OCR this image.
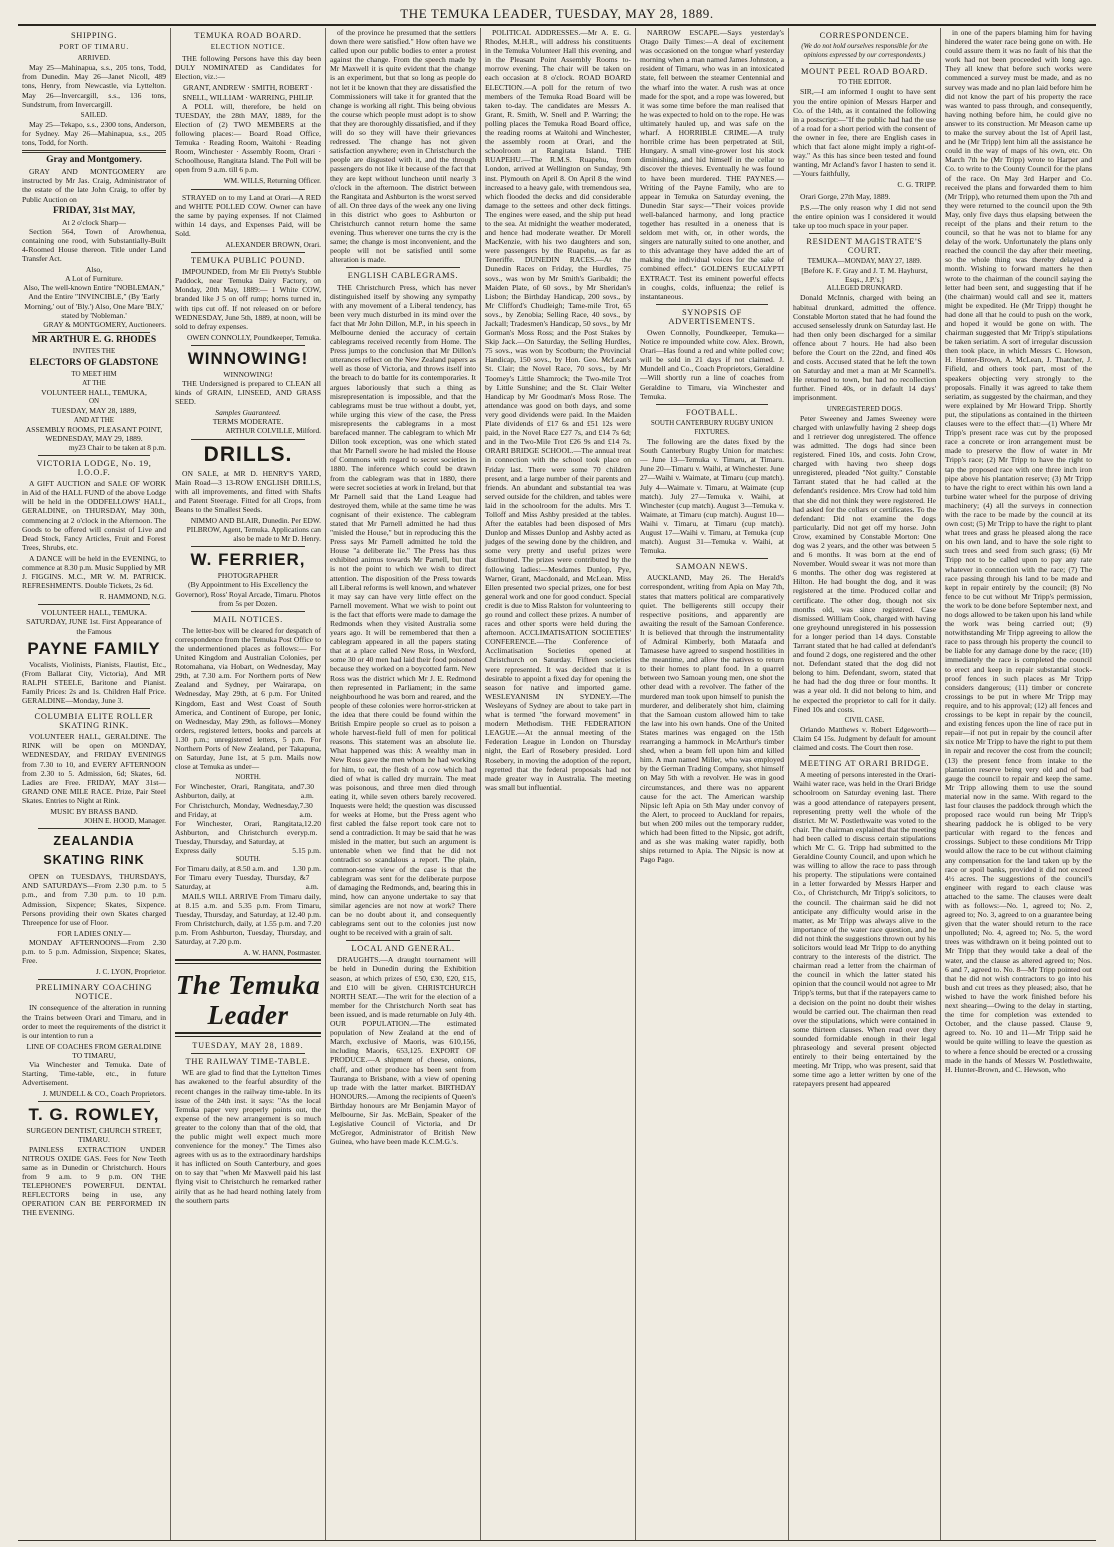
THE TEMUKA LEADER, TUESDAY, MAY 28, 1889.
SHIPPING.
PORT OF TIMARU.
ARRIVED.

May 25—Mahinapua, s.s., 205 tons, Todd, from Dunedin. May 26—Janet Nicoll, 489 tons, Henry, from Newcastle, via Lyttelton. May 26—Invercargill, s.s., 136 tons, Sundstrum, from Invercargill.

SAILED.

May 25—Tekapo, s.s., 2300 tons, Anderson, for Sydney. May 26—Mahinapua, s.s., 205 tons, Todd, for North.

Gray and Montgomery.

GRAY AND MONTGOMERY are instructed by Mr Jas. Craig, Administrator of the estate of the late John Craig, to offer by Public Auction on

FRIDAY, 31st MAY,
At 2 o'clock Sharp—

Section 564, Town of Arowhenua, containing one rood, with Substantially-Built 4-Roomed House thereon. Title under Land Transfer Act.

Also,
A Lot of Furniture.
Also, The well-known Entire "NOBLEMAN," And the Entire "INVINCIBLE," (By 'Early Morning,' out of 'Bly.') Also, One Mare 'BLY,' stated by 'Nobleman.'
GRAY & MONTGOMERY, Auctioneers.
MR ARTHUR E. G. RHODES
INVITES THE
ELECTORS OF GLADSTONE
TO MEET HIM
AT THE
VOLUNTEER HALL, TEMUKA,
ON
TUESDAY, MAY 28, 1889,
AND AT THE
ASSEMBLY ROOMS, PLEASANT POINT,
WEDNESDAY, MAY 29, 1889.
my23 Chair to be taken at 8 p.m.
VICTORIA LODGE, No. 19, I.O.O.F.

A GIFT AUCTION and SALE OF WORK in Aid of the HALL FUND of the above Lodge will be held in the ODDFELLOWS' HALL, GERALDINE, on THURSDAY, May 30th, commencing at 2 o'clock in the Afternoon. The Goods to be offered will consist of Live and Dead Stock, Fancy Articles, Fruit and Forest Trees, Shrubs, etc.

A DANCE will be held in the EVENING, to commence at 8.30 p.m. Music Supplied by MR J. FIGGINS. M.C., MR W. M. PATRICK. REFRESHMENTS. Double Tickets, 2s 6d.

R. HAMMOND, N.G.
VOLUNTEER HALL, TEMUKA. SATURDAY, JUNE 1st. First Appearance of the Famous
PAYNE FAMILY

Vocalists, Violinists, Pianists, Flautist, Etc., (From Ballarat City, Victoria), And MR RALPH STEELE, Baritone and Pianist. Family Prices: 2s and 1s. Children Half Price. GERALDINE—Monday, June 3.

COLUMBIA ELITE ROLLER SKATING RINK.

VOLUNTEER HALL, GERALDINE. The RINK will be open on MONDAY, WEDNESDAY, and FRIDAY EVENINGS from 7.30 to 10, and EVERY AFTERNOON from 2.30 to 5. Admission, 6d; Skates, 6d. Ladies are Free. FRIDAY, MAY 31st—GRAND ONE MILE RACE. Prize, Pair Steel Skates. Entries to Night at Rink.

MUSIC BY BRASS BAND.
JOHN E. HOOD, Manager.
ZEALANDIA SKATING RINK

OPEN on TUESDAYS, THURSDAYS, AND SATURDAYS—From 2.30 p.m. to 5 p.m., and from 7.30 p.m. to 10 p.m. Admission, Sixpence; Skates, Sixpence. Persons providing their own Skates charged Threepence for use of Floor.

FOR LADIES ONLY—

MONDAY AFTERNOONS—From 2.30 p.m. to 5 p.m. Admission, Sixpence; Skates, Free.

J. C. LYON, Proprietor.
PRELIMINARY COACHING NOTICE.

IN consequence of the alteration in running the Trains between Orari and Timaru, and in order to meet the requirements of the district it is our intention to run a

LINE OF COACHES FROM GERALDINE TO TIMARU,

Via Winchester and Temuka. Date of Starting, Time-table, etc., in future Advertisement.

J. MUNDELL & CO., Coach Proprietors.
T. G. ROWLEY,
SURGEON DENTIST, CHURCH STREET, TIMARU.

PAINLESS EXTRACTION UNDER NITROUS OXIDE GAS. Fees for New Teeth same as in Dunedin or Christchurch. Hours from 9 a.m. to 9 p.m. ON THE TELEPHONE'S POWERFUL DENTAL REFLECTORS being in use, any OPERATION CAN BE PERFORMED IN THE EVENING.

TEMUKA ROAD BOARD.
ELECTION NOTICE.

THE following Persons have this day been DULY NOMINATED as Candidates for Election, viz.:—

GRANT, ANDREW · SMITH, ROBERT · SNELL, WILLIAM · WARRING, PHILIP.

A POLL will, therefore, be held on TUESDAY, the 28th MAY, 1889, for the Election of (2) TWO MEMBERS at the following places:— Board Road Office, Temuka · Reading Room, Waitohi · Reading Room, Winchester · Assembly Room, Orari · Schoolhouse, Rangitata Island. The Poll will be open from 9 a.m. till 6 p.m.

WM. WILLS, Returning Officer.

STRAYED on to my Land at Orari—A RED and WHITE POLLED COW. Owner can have the same by paying expenses. If not Claimed within 14 days, and Expenses Paid, will be Sold.

ALEXANDER BROWN, Orari.
TEMUKA PUBLIC POUND.

IMPOUNDED, from Mr Eli Pretty's Stubble Paddock, near Temuka Dairy Factory, on Monday, 20th May, 1889:— 1 White COW, branded like J 5 on off rump; horns turned in, with tips cut off. If not released on or before WEDNESDAY, June 5th, 1889, at noon, will be sold to defray expenses.

OWEN CONNOLLY, Poundkeeper, Temuka.
WINNOWING!
WINNOWING!

THE Undersigned is prepared to CLEAN all kinds of GRAIN, LINSEED, AND GRASS SEED.

Samples Guaranteed.
TERMS MODERATE.
ARTHUR COLVILLE, Milford.
DRILLS.

ON SALE, at MR D. HENRY'S YARD, Main Road—3 13-ROW ENGLISH DRILLS, with all improvements, and fitted with Shafts and Patent Steerage. Fitted for all Crops, from Beans to the Smallest Seeds.

NIMMO AND BLAIR, Dunedin. Per EDW. PILBROW, Agent, Temuka. Applications can also be made to Mr D. Henry.
W. FERRIER,
PHOTOGRAPHER
(By Appointment to His Excellency the Governor), Ross' Royal Arcade, Timaru. Photos from 5s per Dozen.
MAIL NOTICES.

The letter-box will be cleared for despatch of correspondence from the Temuka Post Office to the undermentioned places as follows:— For United Kingdom and Australian Colonies, per Rotomahana, via Hobart, on Wednesday, May 29th, at 7.30 a.m. For Northern ports of New Zealand and Sydney, per Wairarapa, on Wednesday, May 29th, at 6 p.m. For United Kingdom, East and West Coast of South America, and Continent of Europe, per Ionic, on Wednesday, May 29th, as follows—Money orders, registered letters, books and parcels at 1.30 p.m.; unregistered letters, 5 p.m. For Northern Ports of New Zealand, per Takapuna, on Saturday, June 1st, at 5 p.m. Mails now close at Temuka as under—

NORTH.
For Winchester, Orari, Rangitata, and Ashburton, daily, at
7.30 a.m.
For Christchurch, Monday, Wednesday, and Friday, at
7.30 a.m.
For Winchester, Orari, Rangitata, Ashburton, and Christchurch every Tuesday, Thursday, and Saturday, at
12.20 p.m.
Express daily	5.15 p.m.
SOUTH.
For Timaru daily, at 8.50 a.m. and 1.30 p.m.
For Timaru every Tuesday, Thursday, & Saturday, at
7 a.m.

MAILS WILL ARRIVE From Timaru daily, at 8.15 a.m. and 5.35 p.m. From Timaru, Tuesday, Thursday, and Saturday, at 12.40 p.m. From Christchurch, daily, at 1.55 p.m. and 7.20 p.m. From Ashburton, Tuesday, Thursday, and Saturday, at 7.20 p.m.

A. W. HANN, Postmaster.
The Temuka Leader
TUESDAY, MAY 28, 1889.
THE RAILWAY TIME-TABLE.

WE are glad to find that the Lyttelton Times has awakened to the fearful absurdity of the recent changes in the railway time-table. In its issue of the 24th inst. it says: "As the local Temuka paper very properly points out, the expense of the new arrangement is so much greater to the colony than that of the old, that the public might well expect much more convenience for the money." The Times also agrees with us as to the extraordinary hardships it has inflicted on South Canterbury, and goes on to say that "when Mr Maxwell paid his last flying visit to Christchurch he remarked rather airily that as he had heard nothing lately from the southern parts

of the province he presumed that the settlers down there were satisfied." How often have we called upon our public bodies to enter a protest against the change. From the speech made by Mr Maxwell it is quite evident that the change is an experiment, but that so long as people do not let it be known that they are dissatisfied the Commissioners will take it for granted that the change is working all right. This being obvious the course which people must adopt is to show that they are thoroughly dissatisfied, and if they will do so they will have their grievances redressed. The change has not given satisfaction anywhere; even in Christchurch the people are disgusted with it, and the through passengers do not like it because of the fact that they are kept without luncheon until nearly 3 o'clock in the afternoon. The district between the Rangitata and Ashburton is the worst served of all. On three days of the week any one living in this district who goes to Ashburton or Christchurch cannot return home the same evening. Thus wherever one turns the cry is the same; the change is most inconvenient, and the people will not be satisfied until some alteration is made.

ENGLISH CABLEGRAMS.

THE Christchurch Press, which has never distinguished itself by showing any sympathy with any movement of a Liberal tendency, has been very much disturbed in its mind over the fact that Mr John Dillon, M.P., in his speech in Melbourne denied the accuracy of certain cablegrams received recently from Home. The Press jumps to the conclusion that Mr Dillon's utterances reflect on the New Zealand papers as well as those of Victoria, and throws itself into the breach to do battle for its contemporaries. It argues laboriously that such a thing as misrepresentation is impossible, and that the cablegrams must be true without a doubt, yet, while urging this view of the case, the Press misrepresents the cablegrams in a most barefaced manner. The cablegram to which Mr Dillon took exception, was one which stated that Mr Parnell swore he had misled the House of Commons with regard to secret societies in 1880. The inference which could be drawn from the cablegram was that in 1880, there were secret societies at work in Ireland, but that Mr Parnell said that the Land League had destroyed them, while at the same time he was cognisant of their existence. The cablegram stated that Mr Parnell admitted he had thus "misled the House," but in reproducing this the Press says Mr Parnell admitted he told the House "a deliberate lie." The Press has thus exhibited animus towards Mr Parnell, but that is not the point to which we wish to direct attention. The disposition of the Press towards all Liberal reforms is well known, and whatever it may say can have very little effect on the Parnell movement. What we wish to point out is the fact that efforts were made to damage the Redmonds when they visited Australia some years ago. It will be remembered that then a cablegram appeared in all the papers stating that at a place called New Ross, in Wexford, some 30 or 40 men had laid their food poisoned because they worked on a boycotted farm. New Ross was the district which Mr J. E. Redmond then represented in Parliament; in the same neighbourhood he was born and reared, and the people of these colonies were horror-stricken at the idea that there could be found within the British Empire people so cruel as to poison a whole harvest-field full of men for political reasons. This statement was an absolute lie. What happened was this: A wealthy man in New Ross gave the men whom he had working for him, to eat, the flesh of a cow which had died of what is called dry murrain. The meat was poisonous, and three men died through eating it, while seven others barely recovered. Inquests were held; the question was discussed for weeks at Home, but the Press agent who first cabled the false report took care not to send a contradiction. It may be said that he was misled in the matter, but such an argument is untenable when we find that he did not contradict so scandalous a report. The plain, common-sense view of the case is that the cablegram was sent for the deliberate purpose of damaging the Redmonds, and, bearing this in mind, how can anyone undertake to say that similar agencies are not now at work? There can be no doubt about it, and consequently cablegrams sent out to the colonies just now ought to be received with a grain of salt.

LOCAL AND GENERAL.

DRAUGHTS.—A draught tournament will be held in Dunedin during the Exhibition season, at which prizes of £50, £30, £20, £15, and £10 will be given. CHRISTCHURCH NORTH SEAT.—The writ for the election of a member for the Christchurch North seat has been issued, and is made returnable on July 4th. OUR POPULATION.—The estimated population of New Zealand at the end of March, exclusive of Maoris, was 610,156, including Maoris, 653,125. EXPORT OF PRODUCE.—A shipment of cheese, onions, chaff, and other produce has been sent from Tauranga to Brisbane, with a view of opening up trade with the latter market. BIRTHDAY HONOURS.—Among the recipients of Queen's Birthday honours are Mr Benjamin Mayor of Melbourne, Sir Jas. McBain, Speaker of the Legislative Council of Victoria, and Dr McGregor, Administrator of British New Guinea, who have been made K.C.M.G.'s.

POLITICAL ADDRESSES.—Mr A. E. G. Rhodes, M.H.R., will address his constituents in the Temuka Volunteer Hall this evening, and in the Pleasant Point Assembly Rooms to-morrow evening. The chair will be taken on each occasion at 8 o'clock. ROAD BOARD ELECTION.—A poll for the return of two members of the Temuka Road Board will be taken to-day. The candidates are Messrs A. Grant, R. Smith, W. Snell and P. Warring; the polling places the Temuka Road Board office, the reading rooms at Waitohi and Winchester, the assembly room at Orari, and the schoolroom at Rangitata Island. THE RUAPEHU.—The R.M.S. Ruapehu, from London, arrived at Wellington on Sunday, 9th inst. Plymouth on April 8. On April 8 the wind increased to a heavy gale, with tremendous sea, which flooded the decks and did considerable damage to the settees and other deck fittings. The engines were eased, and the ship put head to the sea. At midnight the weather moderated, and hence had moderate weather. Dr Morell MacKenzie, with his two daughters and son, were passengers by the Ruapehu, as far as Teneriffe. DUNEDIN RACES.—At the Dunedin Races on Friday, the Hurdles, 75 sovs., was won by Mr Smith's Garibaldi; the Maiden Plate, of 60 sovs., by Mr Sheridan's Lisbon; the Birthday Handicap, 200 sovs., by Mr Clifford's Chudleigh; Tame-mile Trot, 65 sovs., by Zenobia; Selling Race, 40 sovs., by Jackall; Tradesmen's Handicap, 50 sovs., by Mr Gorman's Moss Ross; and the Post Stakes by Skip Jack.—On Saturday, the Selling Hurdles, 75 sovs., was won by Scotburn; the Provincial Handicap, 150 sovs., by Hon. Geo. McLean's St. Clair; the Novel Race, 70 sovs., by Mr Toomey's Little Shamrock; the Two-mile Trot by Little Sunshine; and the St. Clair Welter Handicap by Mr Goodman's Moss Rose. The attendance was good on both days, and some very good dividends were paid. In the Maiden Plate dividends of £17 6s and £51 12s were paid, in the Novel Race £27 7s, and £14 7s 6d; and in the Two-Mile Trot £26 9s and £14 7s. ORARI BRIDGE SCHOOL.—The annual treat in connection with the school took place on Friday last. There were some 70 children present, and a large number of their parents and friends. An abundant and substantial tea was served outside for the children, and tables were laid in the schoolroom for the adults. Mrs T. Tolloff and Miss Ashby presided at the tables. After the eatables had been disposed of Mrs Dunlop and Misses Dunlop and Ashby acted as judges of the sewing done by the children, and some very pretty and useful prizes were distributed. The prizes were contributed by the following ladies:—Mesdames Dunlop, Pye, Warner, Grant, Macdonald, and McLean. Miss Ellen presented two special prizes, one for best general work and one for good conduct. Special credit is due to Miss Ralston for volunteering to go round and collect these prizes. A number of races and other sports were held during the afternoon. ACCLIMATISATION SOCIETIES' CONFERENCE.—The Conference of Acclimatisation Societies opened at Christchurch on Saturday. Fifteen societies were represented. It was decided that it is desirable to appoint a fixed day for opening the season for native and imported game. WESLEYANISM IN SYDNEY.—The Wesleyans of Sydney are about to take part in what is termed "the forward movement" in modern Methodism. THE FEDERATION LEAGUE.—At the annual meeting of the Federation League in London on Thursday night, the Earl of Rosebery presided. Lord Rosebery, in moving the adoption of the report, regretted that the federal proposals had not made greater way in Australia. The meeting was small but influential.

NARROW ESCAPE.—Says yesterday's Otago Daily Times:—A deal of excitement was occasioned on the tongue wharf yesterday morning when a man named James Johnston, a resident of Timaru, who was in an intoxicated state, fell between the steamer Centennial and the wharf into the water. A rush was at once made for the spot, and a rope was lowered, but it was some time before the man realised that he was expected to hold on to the rope. He was ultimately hauled up, and was safe on the wharf. A HORRIBLE CRIME.—A truly horrible crime has been perpetrated at Stil, Hungary. A small vine-grower lost his stock diminishing, and hid himself in the cellar to discover the thieves. Eventually he was found to have been murdered. THE PAYNES.—Writing of the Payne Family, who are to appear in Temuka on Saturday evening, the Dunedin Star says:—"Their voices provide well-balanced harmony, and long practice together has resulted in a oneness that is seldom met with, or, in other words, the singers are naturally suited to one another, and to this advantage they have added the art of making the individual voices for the sake of combined effect." GOLDEN'S EUCALYPTI EXTRACT. Test its eminent powerful effects in coughs, colds, influenza; the relief is instantaneous.

SYNOPSIS OF ADVERTISEMENTS.

Owen Connolly, Poundkeeper, Temuka—Notice re impounded white cow. Alex. Brown, Orari—Has found a red and white polled cow; will be sold in 21 days if not claimed. J. Mundell and Co., Coach Proprietors, Geraldine—Will shortly run a line of coaches from Geraldine to Timaru, via Winchester and Temuka.

FOOTBALL.
SOUTH CANTERBURY RUGBY UNION FIXTURES.

The following are the dates fixed by the South Canterbury Rugby Union for matches:— June 13—Temuka v. Timaru, at Timaru. June 20—Timaru v. Waihi, at Winchester. June 27—Waihi v. Waimate, at Timaru (cup match). July 4—Waimate v. Timaru, at Waimate (cup match). July 27—Temuka v. Waihi, at Winchester (cup match). August 3—Temuka v. Waimate, at Timaru (cup match). August 10—Waihi v. Timaru, at Timaru (cup match). August 17—Waihi v. Timaru, at Temuka (cup match). August 31—Temuka v. Waihi, at Temuka.

SAMOAN NEWS.

AUCKLAND, May 26. The Herald's correspondent, writing from Apia on May 7th, states that matters political are comparatively quiet. The belligerents still occupy their respective positions, and apparently are awaiting the result of the Samoan Conference. It is believed that through the instrumentality of Admiral Kimberly, both Mataafa and Tamasese have agreed to suspend hostilities in the meantime, and allow the natives to return to their homes to plant food. In a quarrel between two Samoan young men, one shot the other dead with a revolver. The father of the murdered man took upon himself to punish the murderer, and deliberately shot him, claiming that the Samoan custom allowed him to take the law into his own hands. One of the United States marines was engaged on the 15th rearranging a hammock in McArthur's timber shed, when a beam fell upon him and killed him. A man named Miller, who was employed by the German Trading Company, shot himself on May 5th with a revolver. He was in good circumstances, and there was no apparent cause for the act. The American warship Nipsic left Apia on 5th May under convoy of the Alert, to proceed to Auckland for repairs, but when 200 miles out the temporary rudder, which had been fitted to the Nipsic, got adrift, and as she was making water rapidly, both ships returned to Apia. The Nipsic is now at Pago Pago.

CORRESPONDENCE.
(We do not hold ourselves responsible for the opinions expressed by our correspondents.)
MOUNT PEEL ROAD BOARD.
TO THE EDITOR.

SIR,—I am informed I ought to have sent you the entire opinion of Messrs Harper and Co. of the 14th, as it contained the following in a postscript:—"If the public had had the use of a road for a short period with the consent of the owner in fee, there are English cases in which that fact alone might imply a right-of-way." As this has since been tested and found wanting, Mr Acland's favor I hasten to send it.—Yours faithfully,

C. G. TRIPP.

Orari Gorge, 27th May, 1889.

P.S.—The only reason why I did not send the entire opinion was I considered it would take up too much space in your paper.

RESIDENT MAGISTRATE'S COURT.
TEMUKA—MONDAY, MAY 27, 1889.
[Before K. F. Gray and J. T. M. Hayhurst, Esqs., J.P.'s.]
ALLEGED DRUNKARD.

Donald McInnis, charged with being an habitual drunkard, admitted the offence. Constable Morton stated that he had found the accused senselessly drunk on Saturday last. He had then only been discharged for a similar offence about 7 hours. He had also been before the Court on the 22nd, and fined 40s and costs. Accused stated that he left the town on Saturday and met a man at Mr Scannell's. He returned to town, but had no recollection further. Fined 40s, or in default 14 days' imprisonment.

UNREGISTERED DOGS.

Peter Sweeney and James Sweeney were charged with unlawfully having 2 sheep dogs and 1 retriever dog unregistered. The offence was admitted. The dogs had since been registered. Fined 10s, and costs. John Crow, charged with having two sheep dogs unregistered, pleaded "Not guilty." Constable Tarrant stated that he had called at the defendant's residence. Mrs Crow had told him that she did not think they were registered. He had asked for the collars or certificates. To the defendant: Did not examine the dogs particularly. Did not get off my horse. John Crow, examined by Constable Morton: One dog was 2 years, and the other was between 5 and 6 months. It was born at the end of November. Would swear it was not more than 6 months. The other dog was registered at Hilton. He had bought the dog, and it was registered at the time. Produced collar and certificate. The other dog, though not six months old, was since registered. Case dismissed. William Cook, charged with having one greyhound unregistered in his possession for a longer period than 14 days. Constable Tarrant stated that he had called at defendant's and found 2 dogs, one registered and the other not. Defendant stated that the dog did not belong to him. Defendant, sworn, stated that he had had the dog three or four months. It was a year old. It did not belong to him, and he expected the proprietor to call for it daily. Fined 10s and costs.

CIVIL CASE.

Orlando Matthews v. Robert Edgeworth—Claim £4 15s. Judgment by default for amount claimed and costs. The Court then rose.

MEETING AT ORARI BRIDGE.

A meeting of persons interested in the Orari-Waihi water race, was held in the Orari Bridge schoolroom on Saturday evening last. There was a good attendance of ratepayers present, representing pretty well the whole of the district. Mr W. Postlethwaite was voted to the chair. The chairman explained that the meeting had been called to discuss certain stipulations which Mr C. G. Tripp had submitted to the Geraldine County Council, and upon which he was willing to allow the race to pass through his property. The stipulations were contained in a letter forwarded by Messrs Harper and Co., of Christchurch, Mr Tripp's solicitors, to the council. The chairman said he did not anticipate any difficulty would arise in the matter, as Mr Tripp was always alive to the importance of the water race question, and he did not think the suggestions thrown out by his solicitors would lead Mr Tripp to do anything contrary to the interests of the district. The chairman read a letter from the chairman of the council in which the latter stated his opinion that the council would not agree to Mr Tripp's terms, but that if the ratepayers came to a decision on the point no doubt their wishes would be carried out. The chairman then read over the stipulations, which were contained in some thirteen clauses. When read over they sounded formidable enough in their legal phraseology and several present objected entirely to their being entertained by the meeting. Mr Tripp, who was present, said that some time ago a letter written by one of the ratepayers present had appeared

in one of the papers blaming him for having hindered the water race being gone on with. He could assure them it was no fault of his that the work had not been proceeded with long ago. They all knew that before such works were commenced a survey must be made, and as no survey was made and no plan laid before him he did not know the part of his property the race was wanted to pass through, and consequently, having nothing before him, he could give no answer to its construction. Mr Meason came up to make the survey about the 1st of April last, and he (Mr Tripp) lent him all the assistance he could in the way of maps of his own, etc. On March 7th he (Mr Tripp) wrote to Harper and Co. to write to the County Council for the plans of the race. On May 3rd Harper and Co. received the plans and forwarded them to him (Mr Tripp), who returned them upon the 7th and they were returned to the council upon the 9th May, only five days thus elapsing between the receipt of the plans and their return to the council, so that he was not to blame for any delay of the work. Unfortunately the plans only reached the council the day after their meeting, so the whole thing was thereby delayed a month. Wishing to forward matters he then wrote to the chairman of the council saying the letter had been sent, and suggesting that if he (the chairman) would call and see it, matters might be expedited. He (Mr Tripp) thought he had done all that he could to push on the work, and hoped it would be gone on with. The chairman suggested that Mr Tripp's stipulations be taken seriatim. A sort of irregular discussion then took place, in which Messrs C. Howson, H. Hunter-Brown, A. McLean, J. Thatcher, J. Fifield, and others took part, most of the speakers objecting very strongly to the proposals. Finally it was agreed to take them seriatim, as suggested by the chairman, and they were explained by Mr Howard Tripp. Shortly put, the stipulations as contained in the thirteen clauses were to the effect that:—(1) Where Mr Tripp's present race was cut by the proposed race a concrete or iron arrangement must be made to preserve the flow of water in Mr Tripp's race; (2) Mr Tripp to have the right to tap the proposed race with one three inch iron pipe above his plantation reserve; (3) Mr Tripp to have the right to erect within his own land a turbine water wheel for the purpose of driving machinery; (4) all the surveys in connection with the race to be made by the council at its own cost; (5) Mr Tripp to have the right to plant what trees and grass he pleased along the race on his own land, and to have the sole right to such trees and seed from such grass; (6) Mr Tripp not to be called upon to pay any rate whatever in connection with the race; (7) The race passing through his land to be made and kept in repair entirely by the council; (8) No fence to be cut without Mr Tripp's permission, the work to be done before September next, and no dogs allowed to be taken upon his land while the work was being carried out; (9) notwithstanding Mr Tripp agreeing to allow the race to pass through his property the council to be liable for any damage done by the race; (10) immediately the race is completed the council to erect and keep in repair substantial stock-proof fences in such places as Mr Tripp considers dangerous; (11) timber or concrete crossings to be put in where Mr Tripp may require, and to his approval; (12) all fences and crossings to be kept in repair by the council, and existing fences upon the line of race put in repair—if not put in repair by the council after six notice Mr Tripp to have the right to put them in repair and recover the cost from the council; (13) the present fence from intake to the plantation reserve being very old and of bad gauge the council to repair and keep the same. Mr Tripp allowing them to use the sound material now in the same. With regard to the last four clauses the paddock through which the proposed race would run being Mr Tripp's shearing paddock he is obliged to be very particular with regard to the fences and crossings. Subject to these conditions Mr Tripp would allow the race to be cut without claiming any compensation for the land taken up by the race or spoil banks, provided it did not exceed 4½ acres. The suggestions of the council's engineer with regard to each clause was attached to the same. The clauses were dealt with as follows:—No. 1, agreed to; No. 2, agreed to; No. 3, agreed to on a guarantee being given that the water should return to the race unpolluted; No. 4, agreed to; No. 5, the word trees was withdrawn on it being pointed out to Mr Tripp that they would take a deal of the water, and the clause as altered agreed to; Nos. 6 and 7, agreed to. No. 8—Mr Tripp pointed out that he did not wish contractors to go into his bush and cut trees as they pleased; also, that he wished to have the work finished before his next shearing—Owing to the delay in starting, the time for completion was extended to October, and the clause passed. Clause 9, agreed to. No. 10 and 11—Mr Tripp said he would be quite willing to leave the question as to where a fence should be erected or a crossing made in the hands of Messrs W. Postlethwaite, H. Hunter-Brown, and C. Hewson, who
